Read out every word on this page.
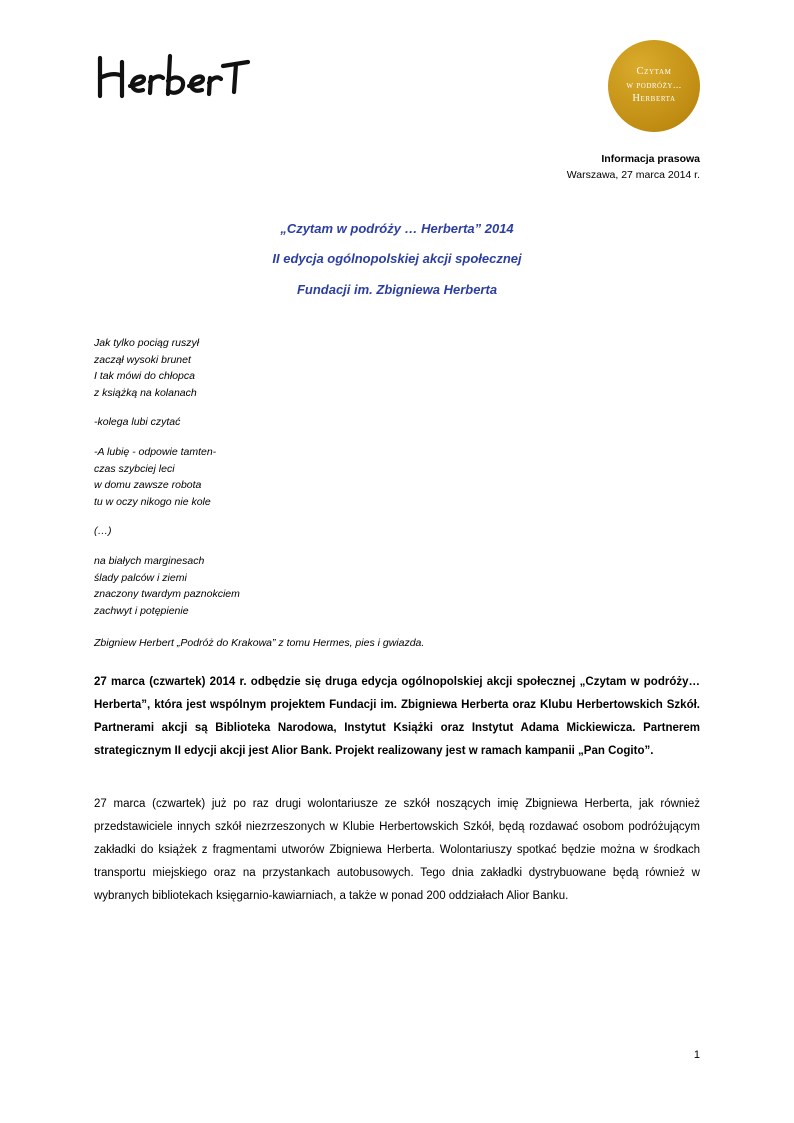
Czytam
w podróży...
Herberta
Informacja prasowa
Warszawa, 27 marca 2014 r.
„Czytam w podróży … Herberta” 2014
II edycja ogólnopolskiej akcji społecznej
Fundacji im. Zbigniewa Herberta
Jak tylko pociąg ruszył
zaczął wysoki brunet
I tak mówi do chłopca
z książką na kolanach
-kolega lubi czytać
-A lubię - odpowie tamten-
czas szybciej leci
w domu zawsze robota
tu w oczy nikogo nie kole
(…)
na białych marginesach
ślady palców i ziemi
znaczony twardym paznokciem
zachwyt i potępienie
Zbigniew Herbert „Podróż do Krakowa” z tomu Hermes, pies i gwiazda.
27 marca (czwartek) 2014 r. odbędzie się druga edycja ogólnopolskiej akcji społecznej „Czytam w podróży… Herberta”, która jest wspólnym projektem Fundacji im. Zbigniewa Herberta oraz Klubu Herbertowskich Szkół. Partnerami akcji są Biblioteka Narodowa, Instytut Książki oraz Instytut Adama Mickiewicza. Partnerem strategicznym II edycji akcji jest Alior Bank. Projekt realizowany jest w ramach kampanii „Pan Cogito”.
27 marca (czwartek) już po raz drugi wolontariusze ze szkół noszących imię Zbigniewa Herberta, jak również przedstawiciele innych szkół niezrzeszonych w Klubie Herbertowskich Szkół, będą rozdawać osobom podróżującym zakładki do książek z fragmentami utworów Zbigniewa Herberta. Wolontariuszy spotkać będzie można w środkach transportu miejskiego oraz na przystankach autobusowych. Tego dnia zakładki dystrybuowane będą również w wybranych bibliotekach księgarnio-kawiarniach, a także w ponad 200 oddziałach Alior Banku.
1
